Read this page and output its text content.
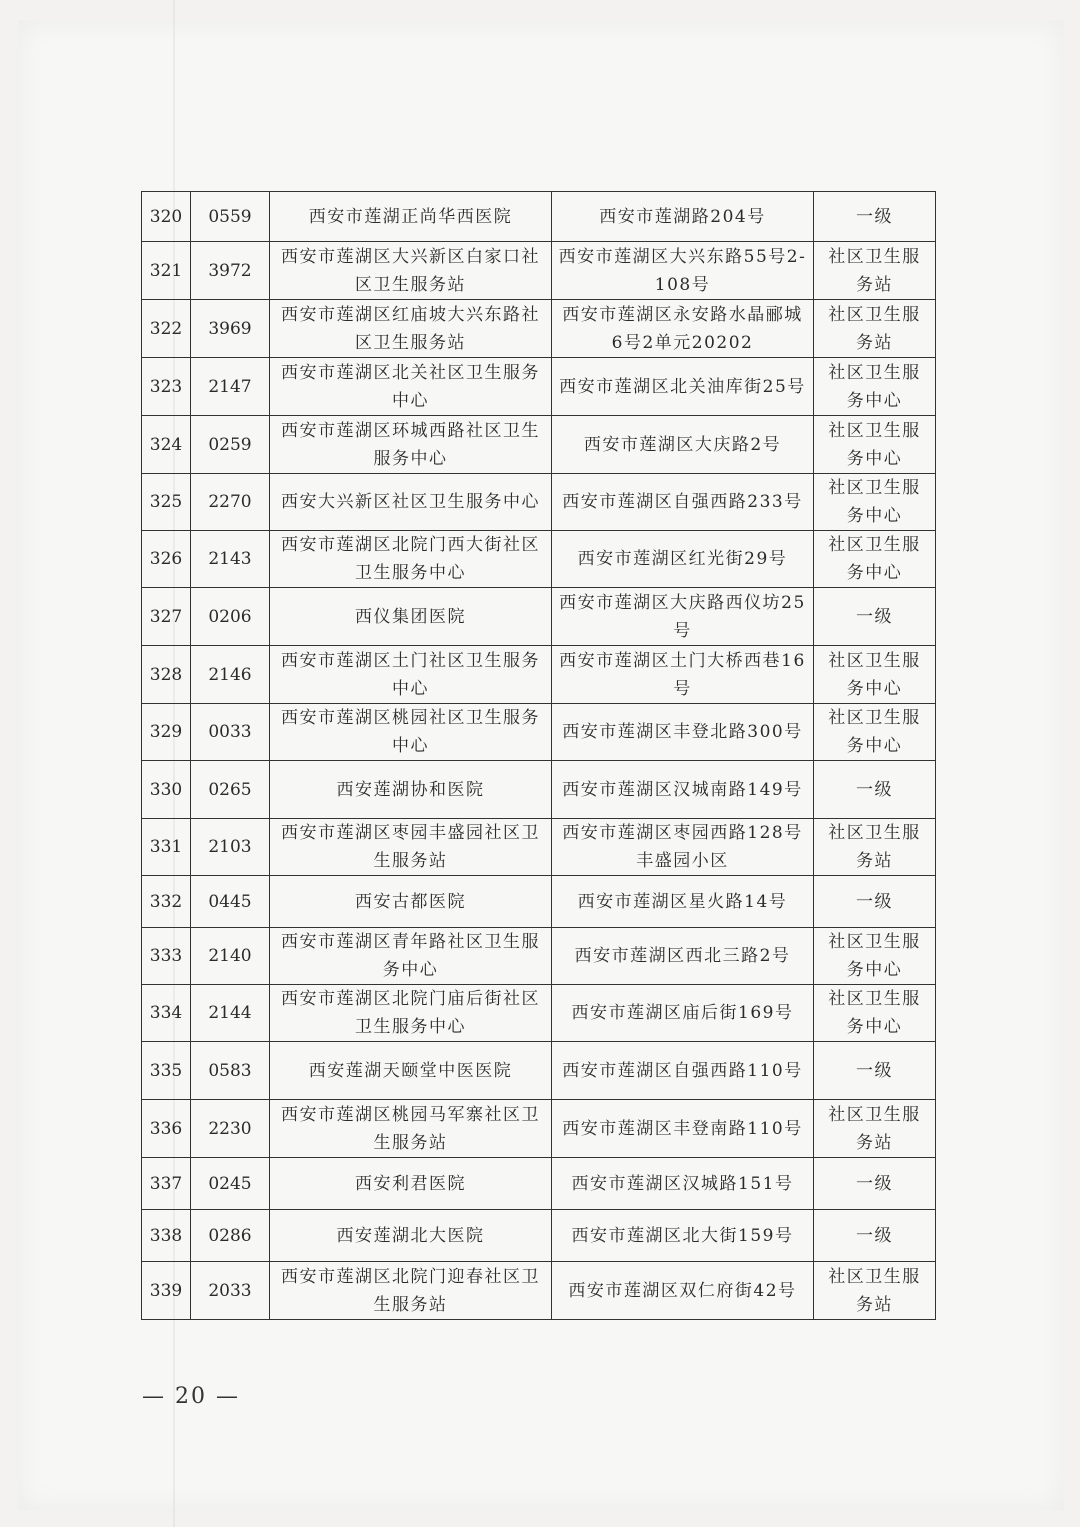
320	0559	西安市莲湖正尚华西医院	西安市莲湖路204号	一级
321	3972	西安市莲湖区大兴新区白家口社区卫生服务站	西安市莲湖区大兴东路55号2-108号	社区卫生服务站
322	3969	西安市莲湖区红庙坡大兴东路社区卫生服务站	西安市莲湖区永安路水晶郦城6号2单元20202	社区卫生服务站
323	2147	西安市莲湖区北关社区卫生服务中心	西安市莲湖区北关油库街25号	社区卫生服务中心
324	0259	西安市莲湖区环城西路社区卫生服务中心	西安市莲湖区大庆路2号	社区卫生服务中心
325	2270	西安大兴新区社区卫生服务中心	西安市莲湖区自强西路233号	社区卫生服务中心
326	2143	西安市莲湖区北院门西大街社区卫生服务中心	西安市莲湖区红光街29号	社区卫生服务中心
327	0206	西仪集团医院	西安市莲湖区大庆路西仪坊25号	一级
328	2146	西安市莲湖区土门社区卫生服务中心	西安市莲湖区土门大桥西巷16号	社区卫生服务中心
329	0033	西安市莲湖区桃园社区卫生服务中心	西安市莲湖区丰登北路300号	社区卫生服务中心
330	0265	西安莲湖协和医院	西安市莲湖区汉城南路149号	一级
331	2103	西安市莲湖区枣园丰盛园社区卫生服务站	西安市莲湖区枣园西路128号丰盛园小区	社区卫生服务站
332	0445	西安古都医院	西安市莲湖区星火路14号	一级
333	2140	西安市莲湖区青年路社区卫生服务中心	西安市莲湖区西北三路2号	社区卫生服务中心
334	2144	西安市莲湖区北院门庙后街社区卫生服务中心	西安市莲湖区庙后街169号	社区卫生服务中心
335	0583	西安莲湖天颐堂中医医院	西安市莲湖区自强西路110号	一级
336	2230	西安市莲湖区桃园马军寨社区卫生服务站	西安市莲湖区丰登南路110号	社区卫生服务站
337	0245	西安利君医院	西安市莲湖区汉城路151号	一级
338	0286	西安莲湖北大医院	西安市莲湖区北大街159号	一级
339	2033	西安市莲湖区北院门迎春社区卫生服务站	西安市莲湖区双仁府街42号	社区卫生服务站
— 20 —
